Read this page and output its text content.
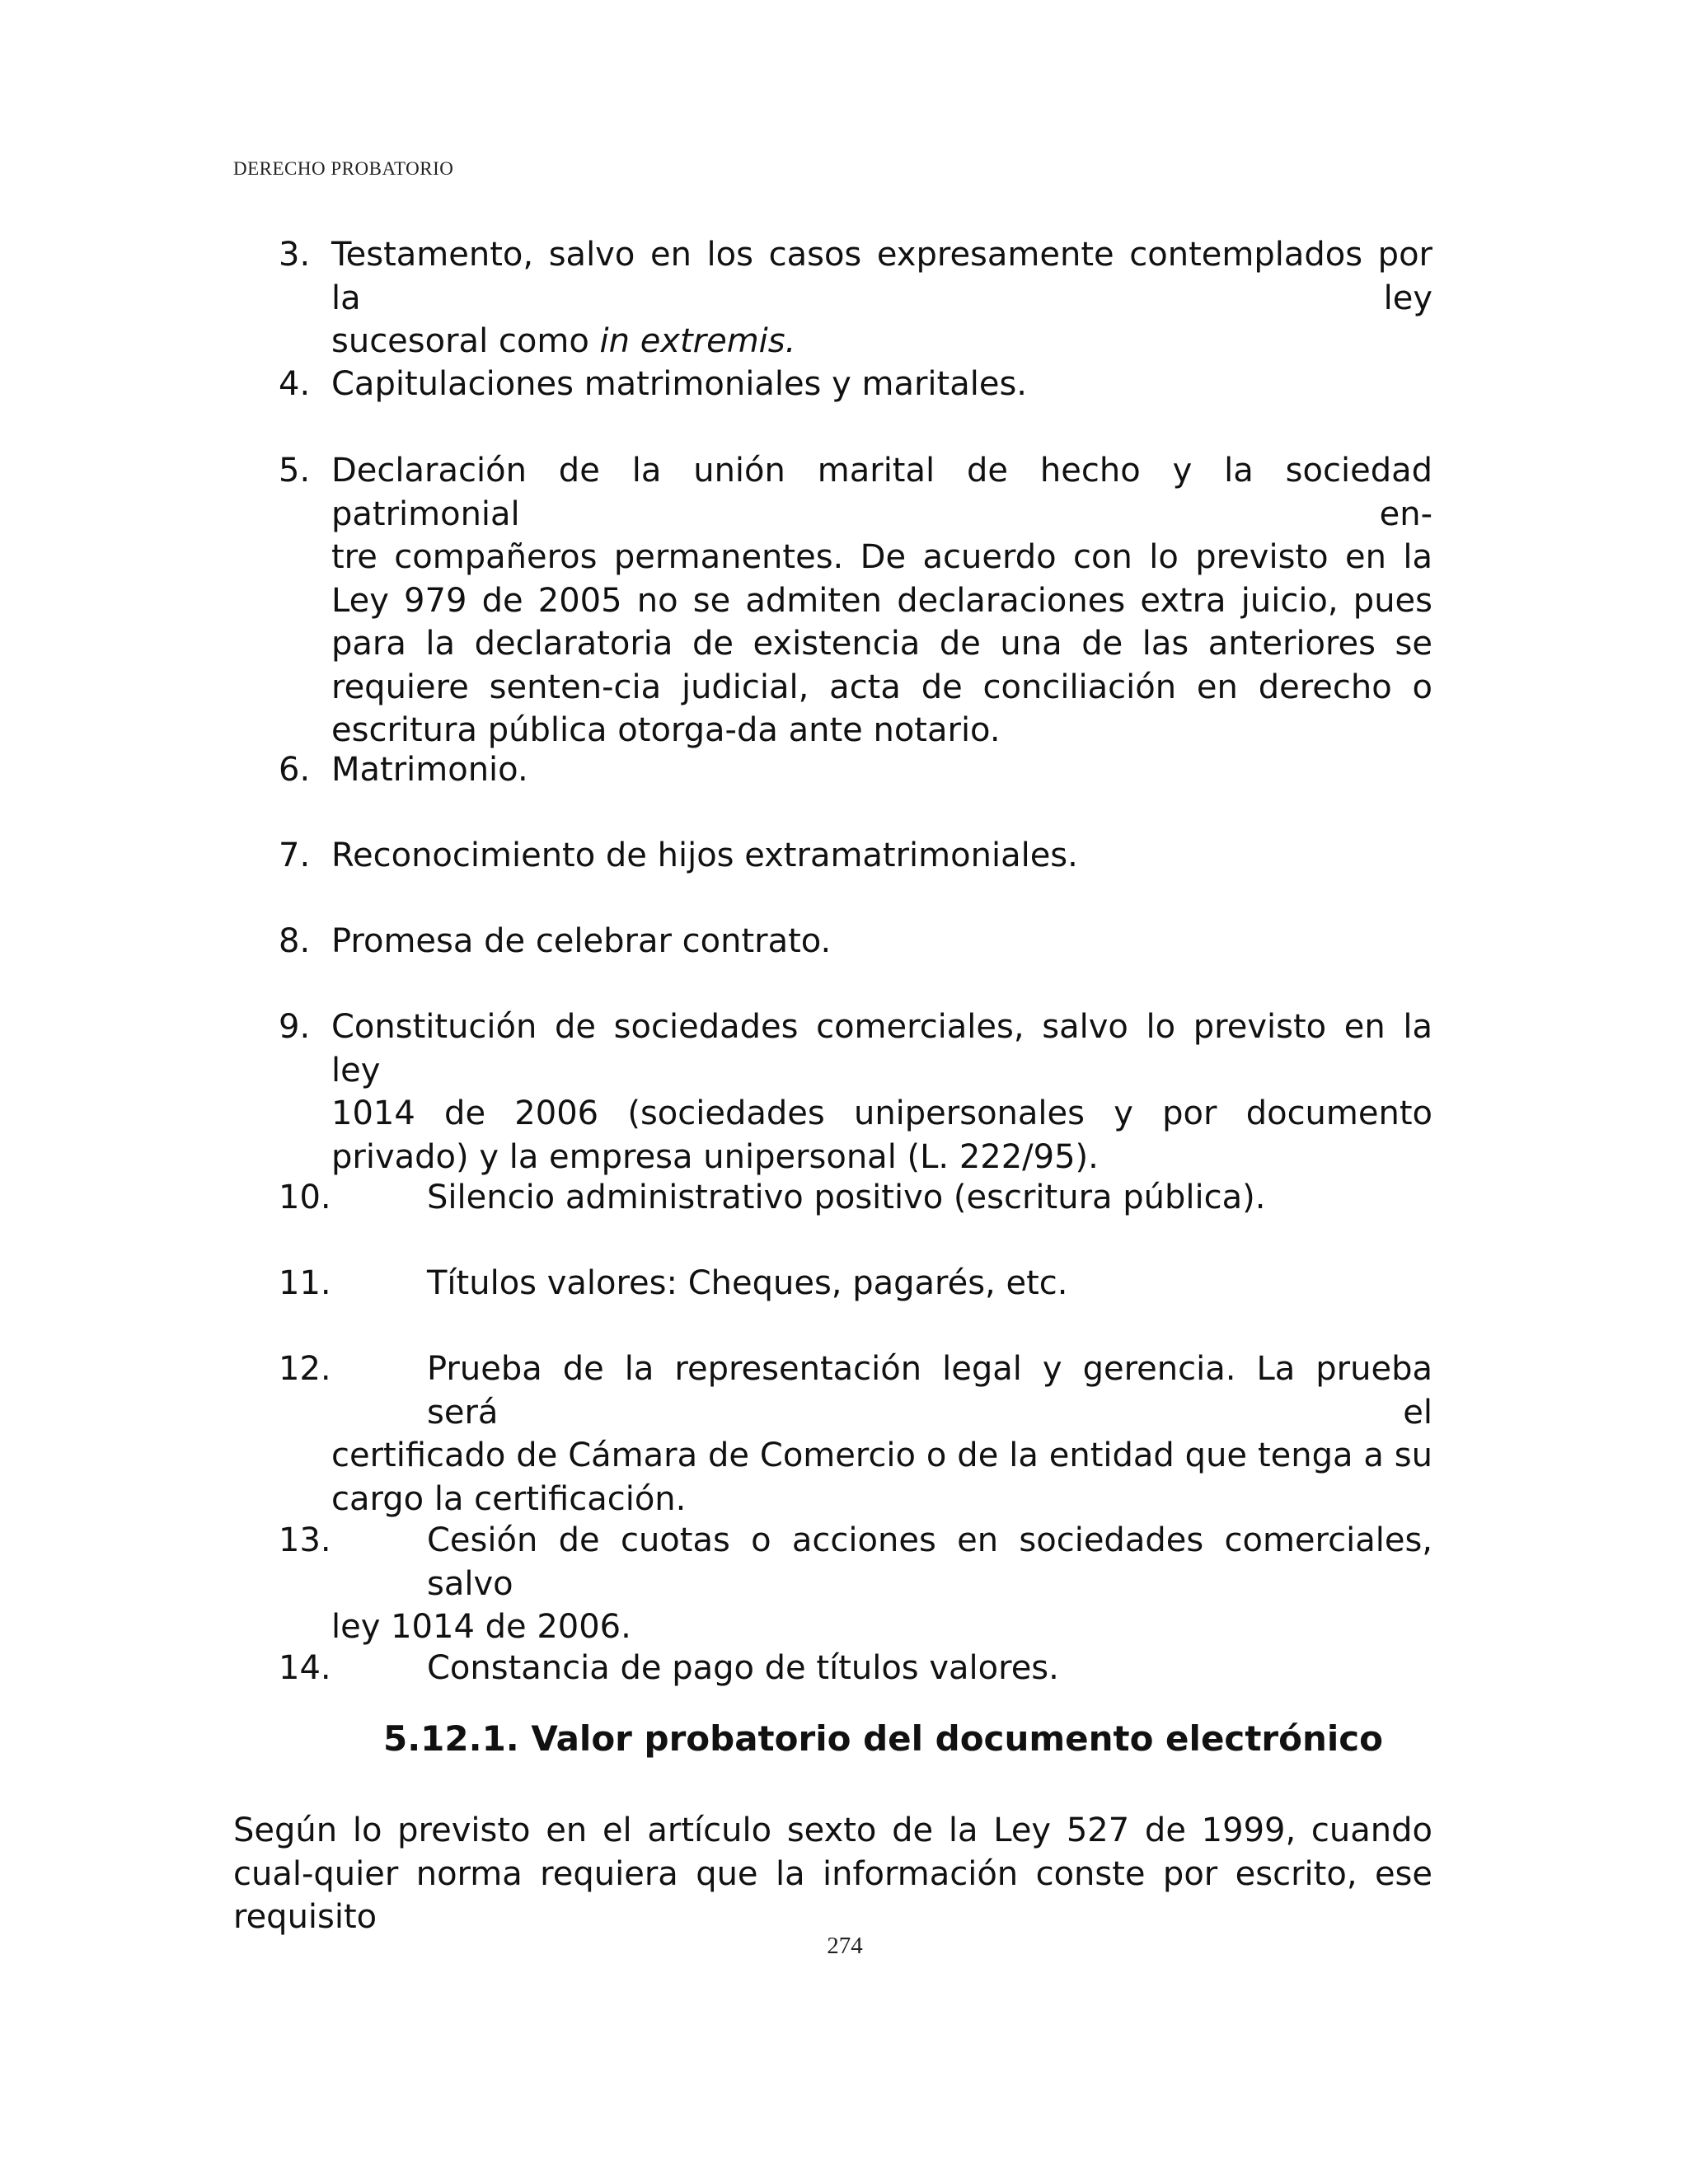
DERECHO PROBATORIO
3. Testamento, salvo en los casos expresamente contemplados por la ley
sucesoral como in extremis.
4. Capitulaciones matrimoniales y maritales.
5. Declaración de la unión marital de hecho y la sociedad patrimonial en-
tre compañeros permanentes. De acuerdo con lo previsto en la Ley 979 de 2005 no se admiten declaraciones extra juicio, pues para la declaratoria de existencia de una de las anteriores se requiere senten-cia judicial, acta de conciliación en derecho o escritura pública otorga-da ante notario.
6. Matrimonio.
7. Reconocimiento de hijos extramatrimoniales.
8. Promesa de celebrar contrato.
9. Constitución de sociedades comerciales, salvo lo previsto en la ley
1014 de 2006 (sociedades unipersonales y por documento privado) y la empresa unipersonal (L. 222/95).
10.	Silencio administrativo positivo (escritura pública).
11.	Títulos valores: Cheques, pagarés, etc.
12.	Prueba de la representación legal y gerencia. La prueba será el
certificado de Cámara de Comercio o de la entidad que tenga a su cargo la certificación.
13.	Cesión de cuotas o acciones en sociedades comerciales, salvo
ley 1014 de 2006.
14.	Constancia de pago de títulos valores.
5.12.1. Valor probatorio del documento electrónico
Según lo previsto en el artículo sexto de la Ley 527 de 1999, cuando cual-quier norma requiera que la información conste por escrito, ese requisito
274
